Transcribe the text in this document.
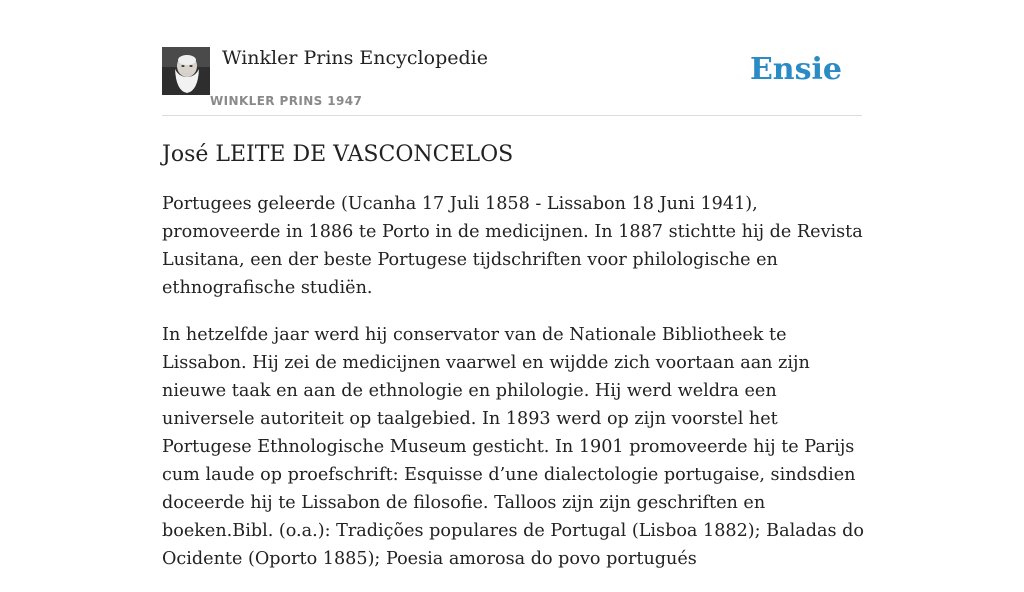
Winkler Prins Encyclopedie
WINKLER PRINS 1947
Ensie
José LEITE DE VASCONCELOS

Portugees geleerde (Ucanha 17 Juli 1858 - Lissabon 18 Juni 1941), promoveerde in 1886 te Porto in de medicijnen. In 1887 stichtte hij de Revista Lusitana, een der beste Portugese tijdschriften voor philologische en ethnografische studiën.

In hetzelfde jaar werd hij conservator van de Nationale Bibliotheek te Lissabon. Hij zei de medicijnen vaarwel en wijdde zich voortaan aan zijn nieuwe taak en aan de ethnologie en philologie. Hij werd weldra een universele autoriteit op taalgebied. In 1893 werd op zijn voorstel het Portugese Ethnologische Museum gesticht. In 1901 promoveerde hij te Parijs cum laude op proefschrift: Esquisse d’une dialectologie portugaise, sindsdien doceerde hij te Lissabon de filosofie. Talloos zijn zijn geschriften en boeken.Bibl. (o.a.): Tradições populares de Portugal (Lisboa 1882); Baladas do Ocidente (Oporto 1885); Poesia amorosa do povo portugués
